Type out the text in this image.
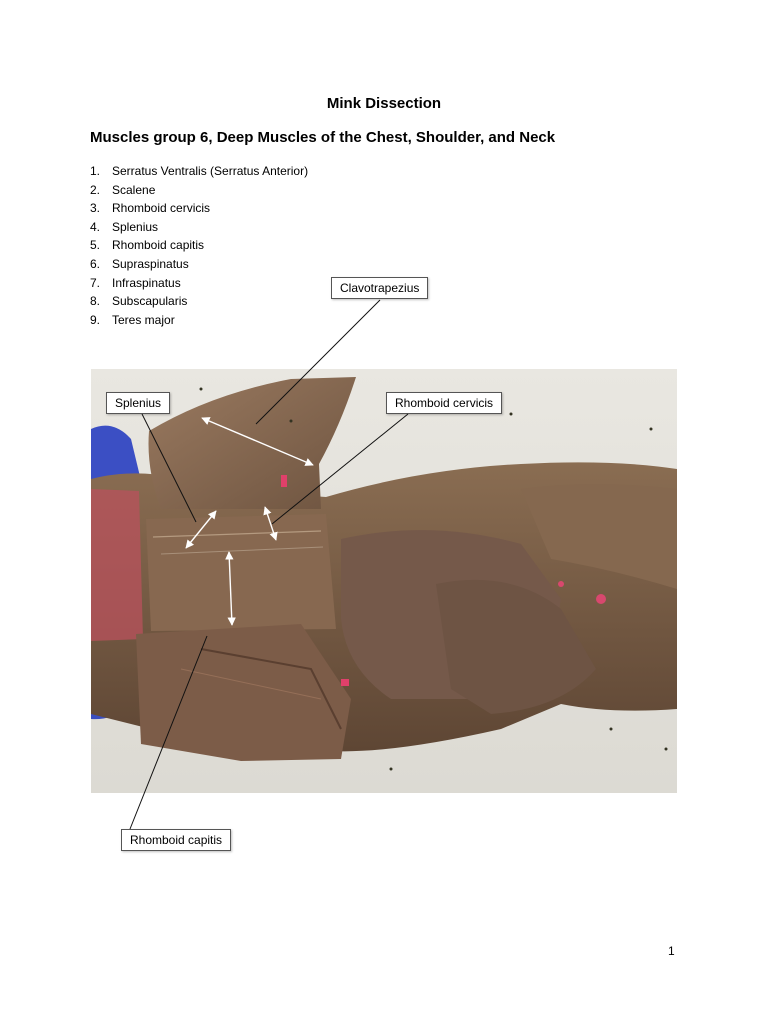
Mink Dissection
Muscles group 6, Deep Muscles of the Chest, Shoulder, and Neck
1. Serratus Ventralis (Serratus Anterior)
2. Scalene
3. Rhomboid cervicis
4. Splenius
5. Rhomboid capitis
6. Supraspinatus
7. Infraspinatus
8. Subscapularis
9. Teres major
Clavotrapezius
Splenius	Rhomboid cervicis
Rhomboid capitis
1
